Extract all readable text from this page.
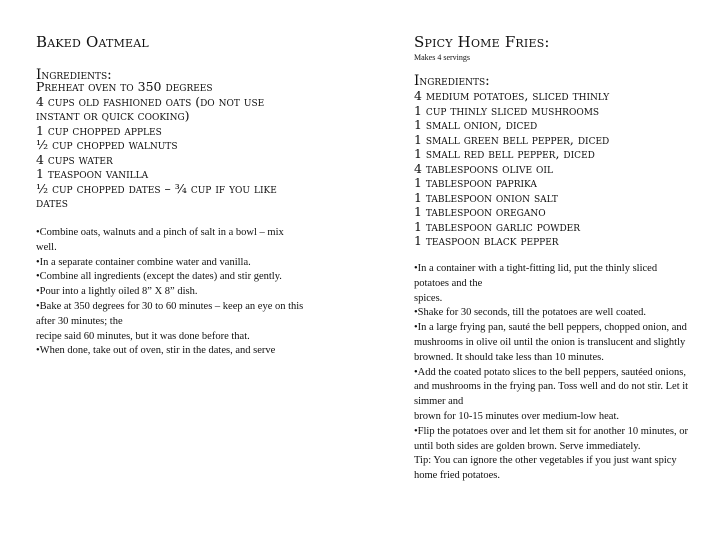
Baked Oatmeal
Ingredients:
Preheat oven to 350 degrees
4 cups old fashioned oats (do not use instant or quick cooking)
1 cup chopped apples
½ cup chopped walnuts
4 cups water
1 teaspoon vanilla
½ cup chopped dates – ¾ cup if you like dates
•Combine oats, walnuts and a pinch of salt in a bowl – mix well.
•In a separate container combine water and vanilla.
•Combine all ingredients (except the dates) and stir gently.
•Pour into a lightly oiled 8” X 8” dish.
•Bake at 350 degrees for 30 to 60 minutes – keep an eye on this after 30 minutes; the
recipe said 60 minutes, but it was done before that.
•When done, take out of oven, stir in the dates, and serve
Spicy Home Fries:
Makes 4 servings
Ingredients:
4 medium potatoes, sliced thinly
1 cup thinly sliced mushrooms
1 small onion, diced
1 small green bell pepper, diced
1 small red bell pepper, diced
4 tablespoons olive oil
1 tablespoon paprika
1 tablespoon onion salt
1 tablespoon oregano
1 tablespoon garlic powder
1 teaspoon black pepper
•In a container with a tight-fitting lid, put the thinly sliced potatoes and the
spices.
•Shake for 30 seconds, till the potatoes are well coated.
•In a large frying pan, sauté the bell peppers, chopped onion, and
mushrooms in olive oil until the onion is translucent and slightly browned. It should take less than 10 minutes.
•Add the coated potato slices to the bell peppers, sautéed onions, and mushrooms in the frying pan. Toss well and do not stir. Let it simmer and
brown for 10-15 minutes over medium-low heat.
•Flip the potatoes over and let them sit for another 10 minutes, or until both sides are golden brown. Serve immediately.
Tip: You can ignore the other vegetables if you just want spicy home fried potatoes.
